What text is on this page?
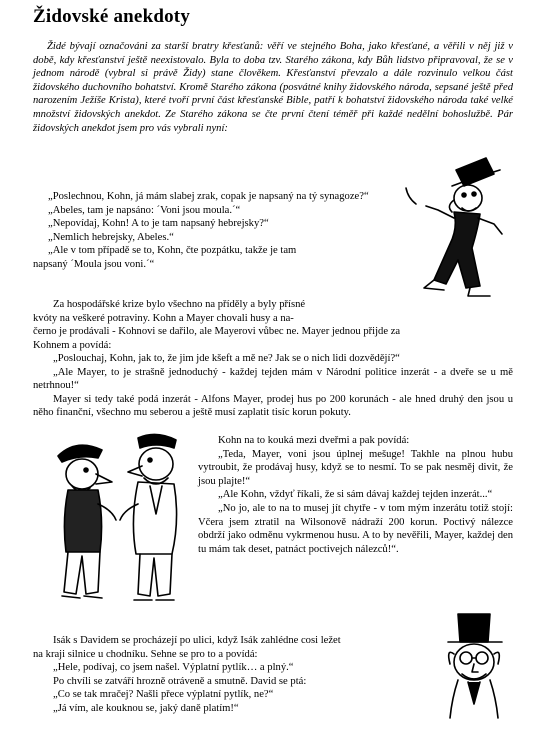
Židovské anekdoty

Židé bývají označováni za starší bratry křesťanů: věří ve stejného Boha, jako křesťané, a věřili v něj již v době, kdy křesťanství ještě neexistovalo. Byla to doba tzv. Starého zákona, kdy Bůh lidstvo připravoval, že se v jednom národě (vybral si právě Židy) stane člověkem. Křesťanství převzalo a dále rozvinulo velkou část židovského duchovního bohatství. Kromě Starého zákona (posvátné knihy židovského národa, sepsané ještě před narozením Ježíše Krista), které tvoří první část křesťanské Bible, patří k bohatství židovského národa také velké množství židovských anekdot. Ze Starého zákona se čte první čtení téměř při každé nedělní bohoslužbě. Pár židovských anekdot jsem pro vás vybrali nyní:

„Poslechnou, Kohn, já mám slabej zrak, copak je napsaný na tý synagoze?“

„Abeles, tam je napsáno: ´Voni jsou moula.´“

„Nepovídaj, Kohn! A to je tam napsaný hebrejsky?“

„Nemlich hebrejsky, Abeles.“

„Ale v tom případě se to, Kohn, čte pozpátku, takže je tam

napsaný ´Moula jsou voni.´“

Za hospodářské krize bylo všechno na příděly a byly přísné

kvóty na veškeré potraviny. Kohn a Mayer chovali husy a na-

černo je prodávali - Kohnovi se dařilo, ale Mayerovi vůbec ne. Mayer jednou přijde za

Kohnem a povídá:

„Poslouchaj, Kohn, jak to, že jim jde kšeft a mě ne? Jak se o nich lidi dozvědějí?“

„Ale Mayer, to je strašně jednoduchý - každej tejden mám v Národní politice inzerát - a dveře se u mě netrhnou!“

Mayer si tedy také podá inzerát - Alfons Mayer, prodej hus po 200 korunách - ale hned druhý den jsou u něho finanční, všechno mu seberou a ještě musí zaplatit tisíc korun pokuty.

Kohn na to kouká mezi dveřmi a pak povídá:

„Teda, Mayer, voni jsou úplnej mešuge! Takhle na plnou hubu vytroubit, že prodávaj husy, když se to nesmí. To se pak nesměj divit, že jsou plajte!“

„Ale Kohn, vždyť říkali, že si sám dávaj každej tejden inzerát...“

„No jo, ale to na to musej jít chytře - v tom mým inzerátu totiž stojí: Včera jsem ztratil na Wilsonově nádraží 200 korun. Poctivý nálezce obdrží jako odměnu vykrmenou husu. A to by nevěřili, Mayer, každej den tu mám tak deset, patnáct poctivejch nálezců!“.

Isák s Davidem se procházejí po ulici, když Isák zahlédne cosi ležet

na kraji silnice u chodníku. Sehne se pro to a povídá:

„Hele, podívaj, co jsem našel. Výplatní pytlík… a plný.“

Po chvíli se zatváří hrozně otráveně a smutně. David se ptá:

„Co se tak mračej? Našli přece výplatní pytlík, ne?“

„Já vím, ale kouknou se, jaký daně platím!“
